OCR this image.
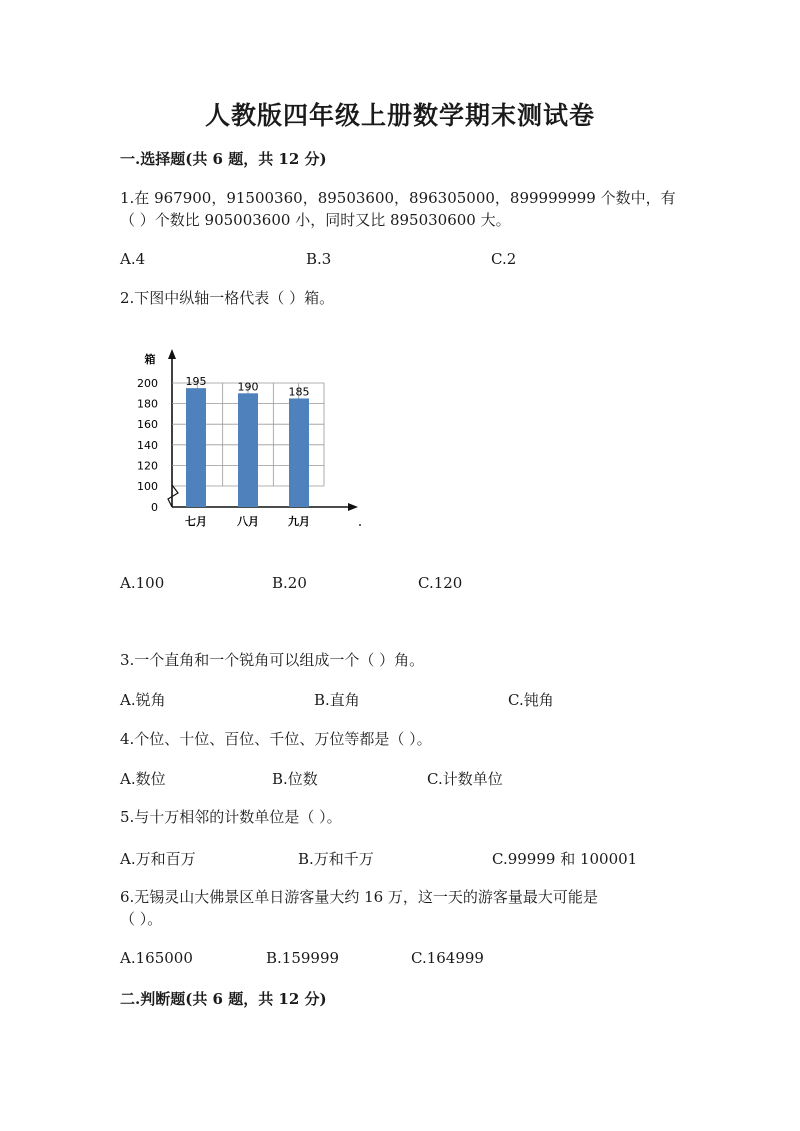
人教版四年级上册数学期末测试卷
一.选择题(共 6 题，共 12 分)
1.在 967900，91500360，89503600，896305000，899999999 个数中，有
（ ）个数比 905003600 小，同时又比 895030600 大。
A.4	B.3	C.2
2.下图中纵轴一格代表（ ）箱。
箱
200
180
160
140
120
100
0
195	190	185
七月	八月	九月
A.100	B.20	C.120
3.一个直角和一个锐角可以组成一个（ ）角。
A.锐角	B.直角	C.钝角
4.个位、十位、百位、千位、万位等都是（ ）。
A.数位	B.位数	C.计数单位
5.与十万相邻的计数单位是（ ）。
A.万和百万	B.万和千万	C.99999 和 100001
6.无锡灵山大佛景区单日游客量大约 16 万，这一天的游客量最大可能是
（ ）。
A.165000	B.159999	C.164999
二.判断题(共 6 题，共 12 分)
